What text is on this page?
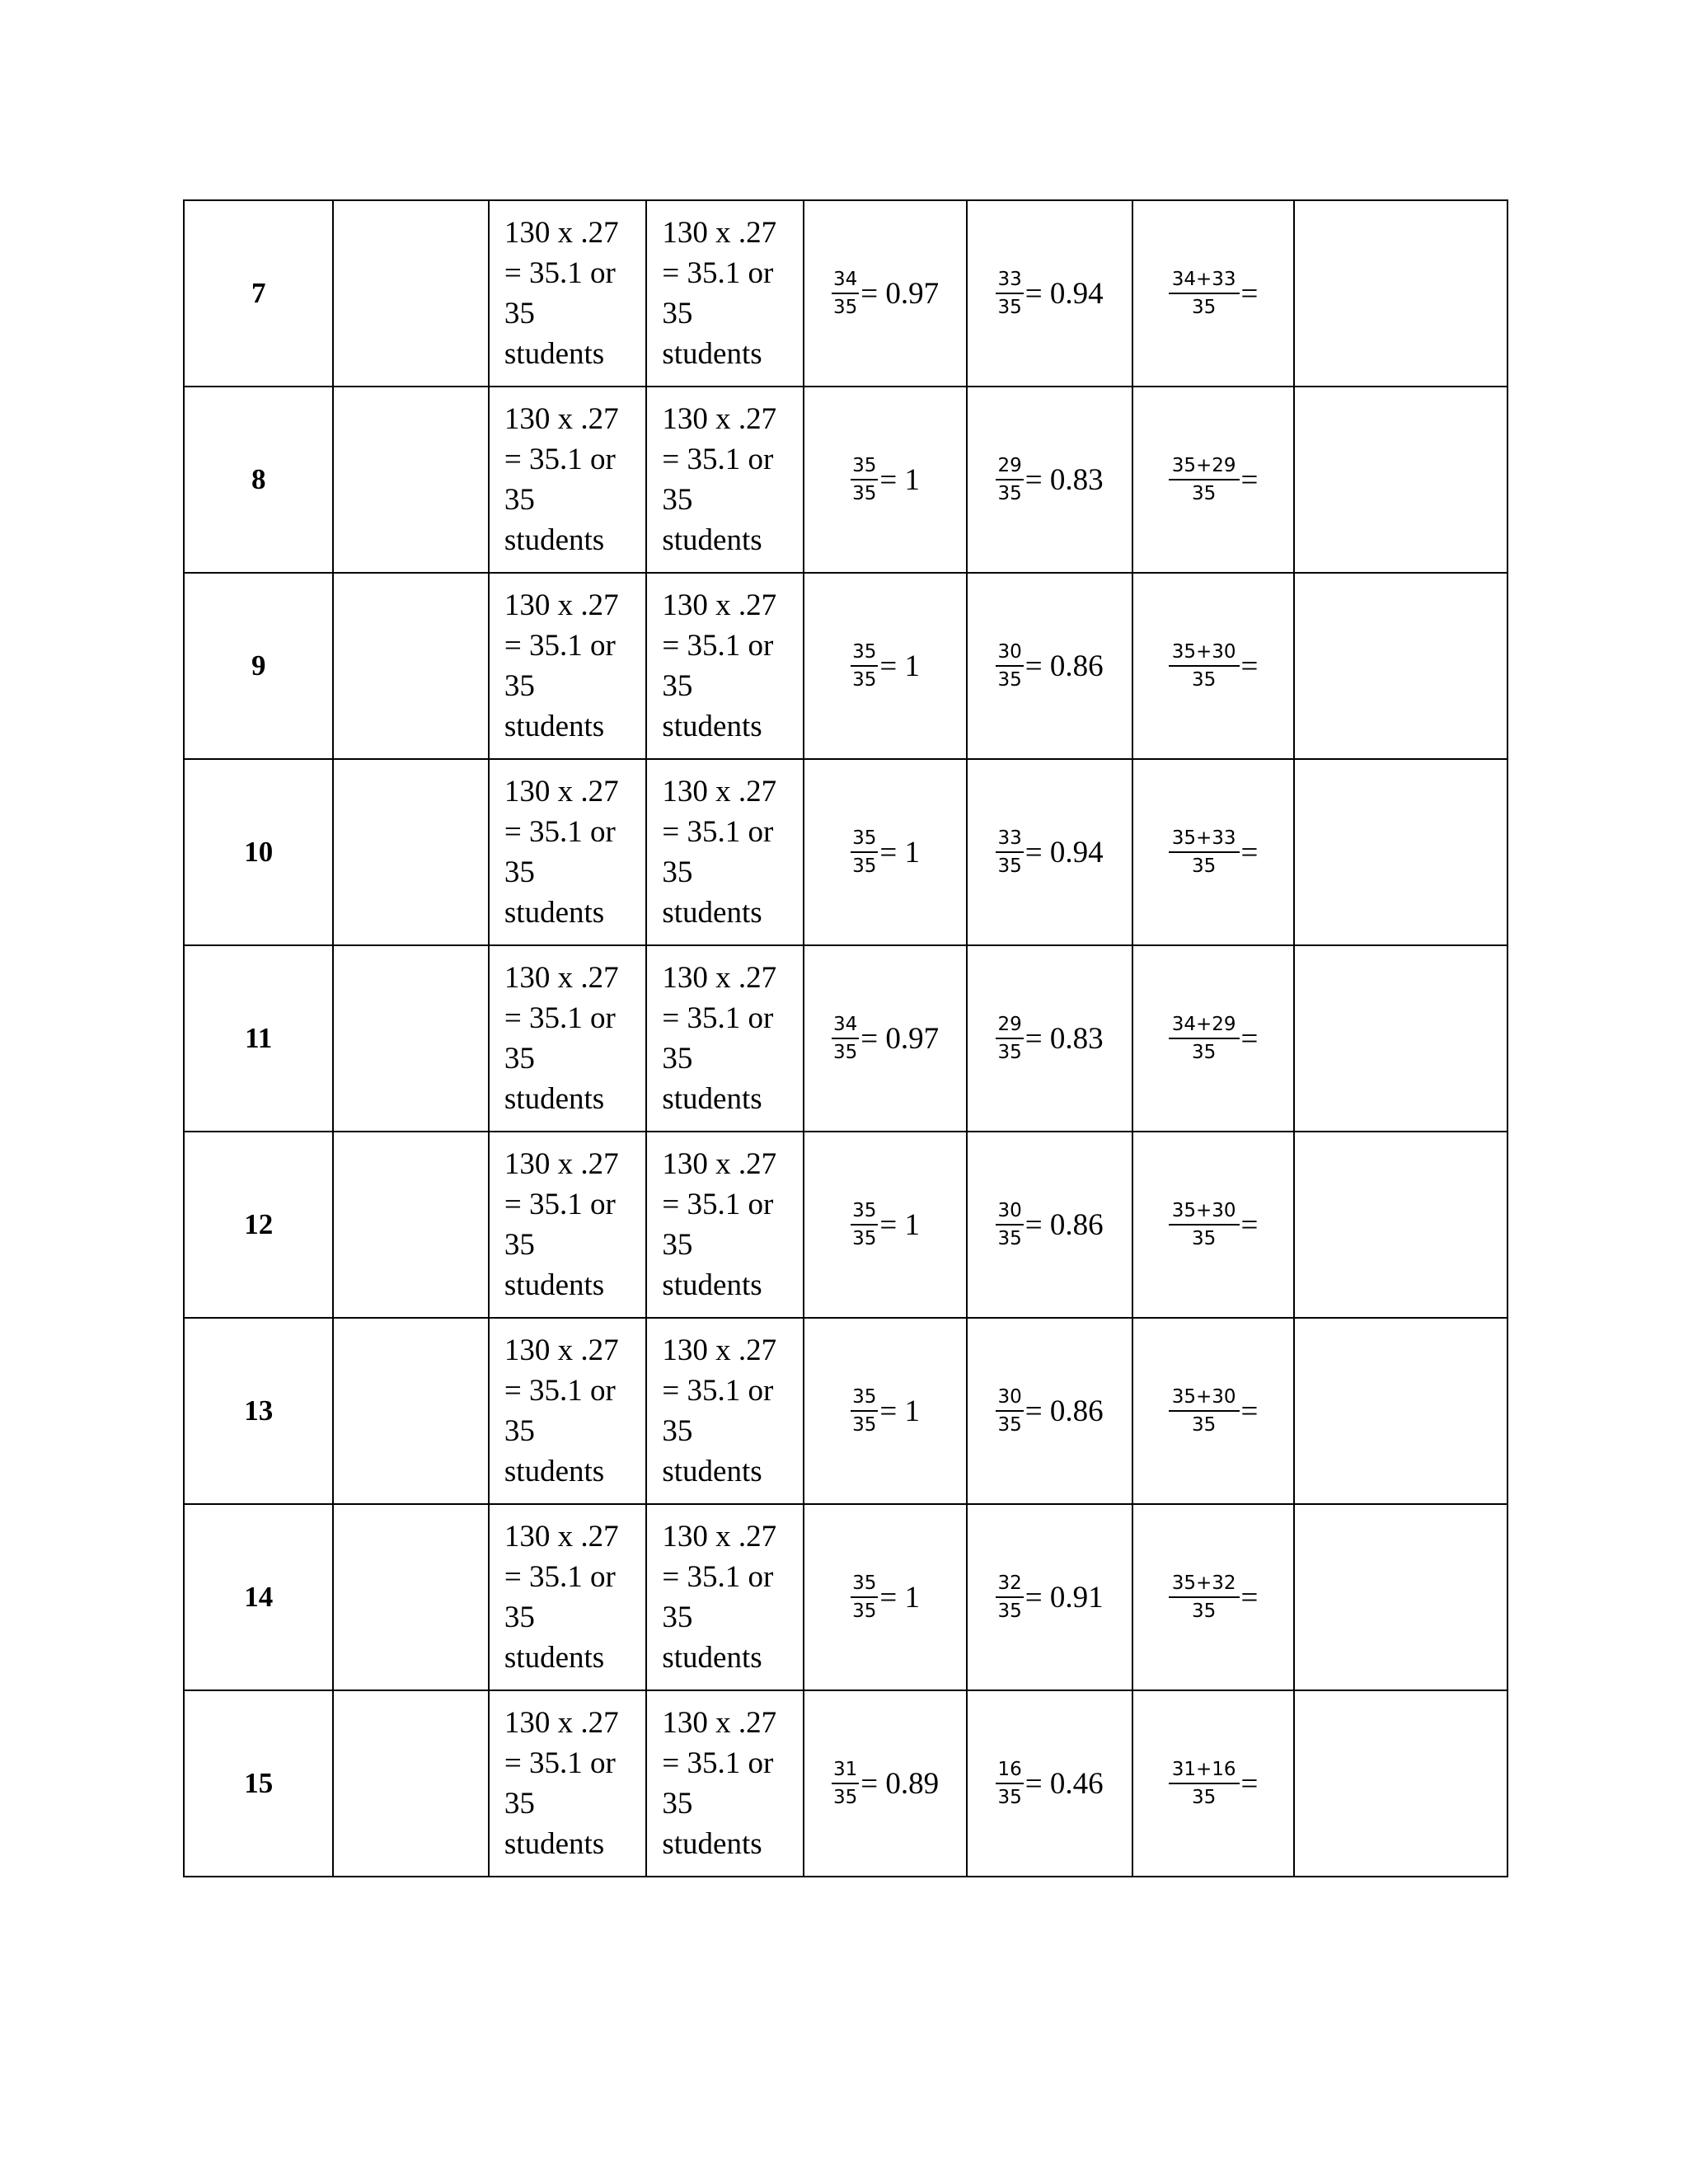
7		130 x .27
= 35.1 or
35
students	130 x .27
= 35.1 or
35
students	$\frac{34}{35} = 0.97$	$\frac{33}{35} = 0.94$	$\frac{34+33}{35}$ =	

8		130 x .27
= 35.1 or
35
students	130 x .27
= 35.1 or
35
students	$\frac{35}{35} = 1$	$\frac{29}{35} = 0.83$	$\frac{35+29}{35}$ =	

9		130 x .27
= 35.1 or
35
students	130 x .27
= 35.1 or
35
students	$\frac{35}{35} = 1$	$\frac{30}{35} = 0.86$	$\frac{35+30}{35}$ =	

10		130 x .27
= 35.1 or
35
students	130 x .27
= 35.1 or
35
students	$\frac{35}{35} = 1$	$\frac{33}{35} = 0.94$	$\frac{35+33}{35}$ =	

11		130 x .27
= 35.1 or
35
students	130 x .27
= 35.1 or
35
students	$\frac{34}{35} = 0.97$	$\frac{29}{35} = 0.83$	$\frac{34+29}{35}$ =	

12		130 x .27
= 35.1 or
35
students	130 x .27
= 35.1 or
35
students	$\frac{35}{35} = 1$	$\frac{30}{35} = 0.86$	$\frac{35+30}{35}$ =	

13		130 x .27
= 35.1 or
35
students	130 x .27
= 35.1 or
35
students	$\frac{35}{35} = 1$	$\frac{30}{35} = 0.86$	$\frac{35+30}{35}$ =	

14		130 x .27
= 35.1 or
35
students	130 x .27
= 35.1 or
35
students	$\frac{35}{35} = 1$	$\frac{32}{35} = 0.91$	$\frac{35+32}{35}$ =	

15		130 x .27
= 35.1 or
35
students	130 x .27
= 35.1 or
35
students	$\frac{31}{35} = 0.89$	$\frac{16}{35} = 0.46$	$\frac{31+16}{35}$ =	
